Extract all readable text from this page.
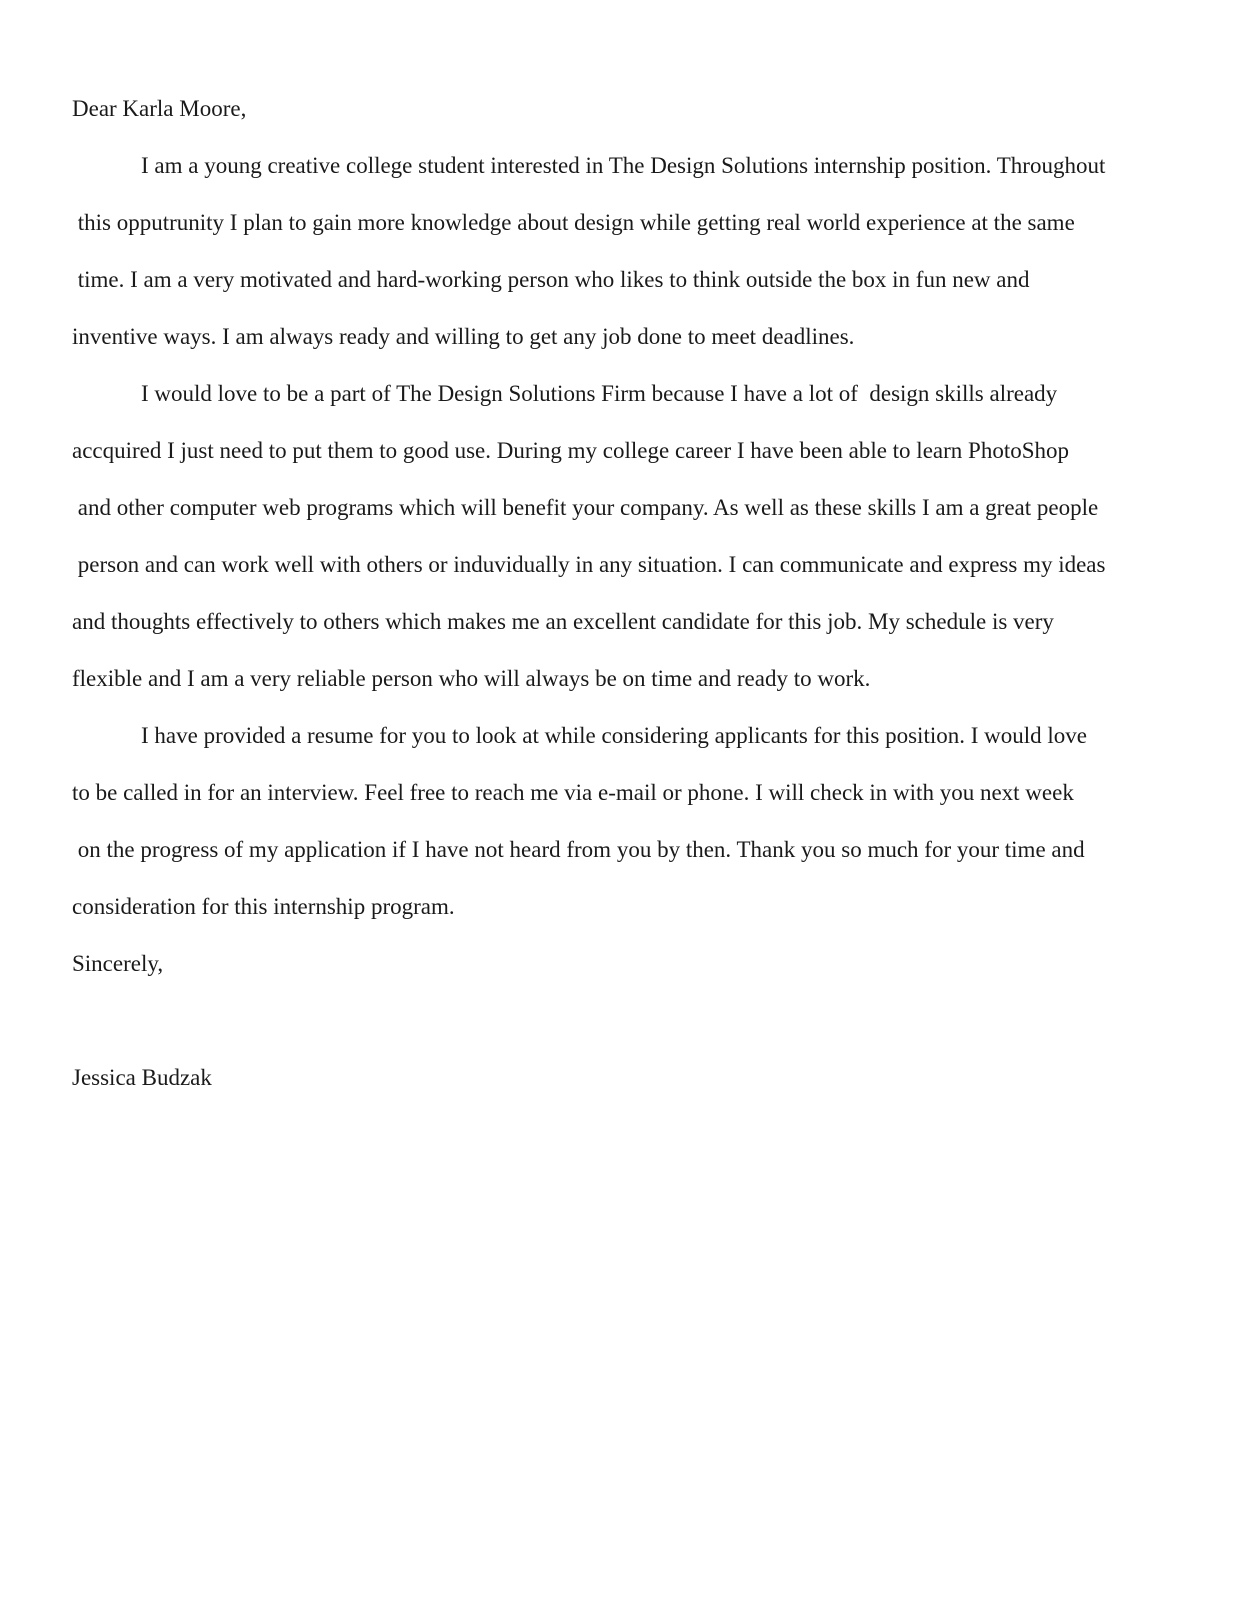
Dear Karla Moore,

I am a young creative college student interested in The Design Solutions internship position. Throughout

this opputrunity I plan to gain more knowledge about design while getting real world experience at the same

time. I am a very motivated and hard-working person who likes to think outside the box in fun new and

inventive ways. I am always ready and willing to get any job done to meet deadlines.

I would love to be a part of The Design Solutions Firm because I have a lot of  design skills already

accquired I just need to put them to good use. During my college career I have been able to learn PhotoShop

and other computer web programs which will benefit your company. As well as these skills I am a great people

person and can work well with others or induvidually in any situation. I can communicate and express my ideas

and thoughts effectively to others which makes me an excellent candidate for this job. My schedule is very

flexible and I am a very reliable person who will always be on time and ready to work.

I have provided a resume for you to look at while considering applicants for this position. I would love

to be called in for an interview. Feel free to reach me via e-mail or phone. I will check in with you next week

on the progress of my application if I have not heard from you by then. Thank you so much for your time and

consideration for this internship program.

Sincerely,

Jessica Budzak
